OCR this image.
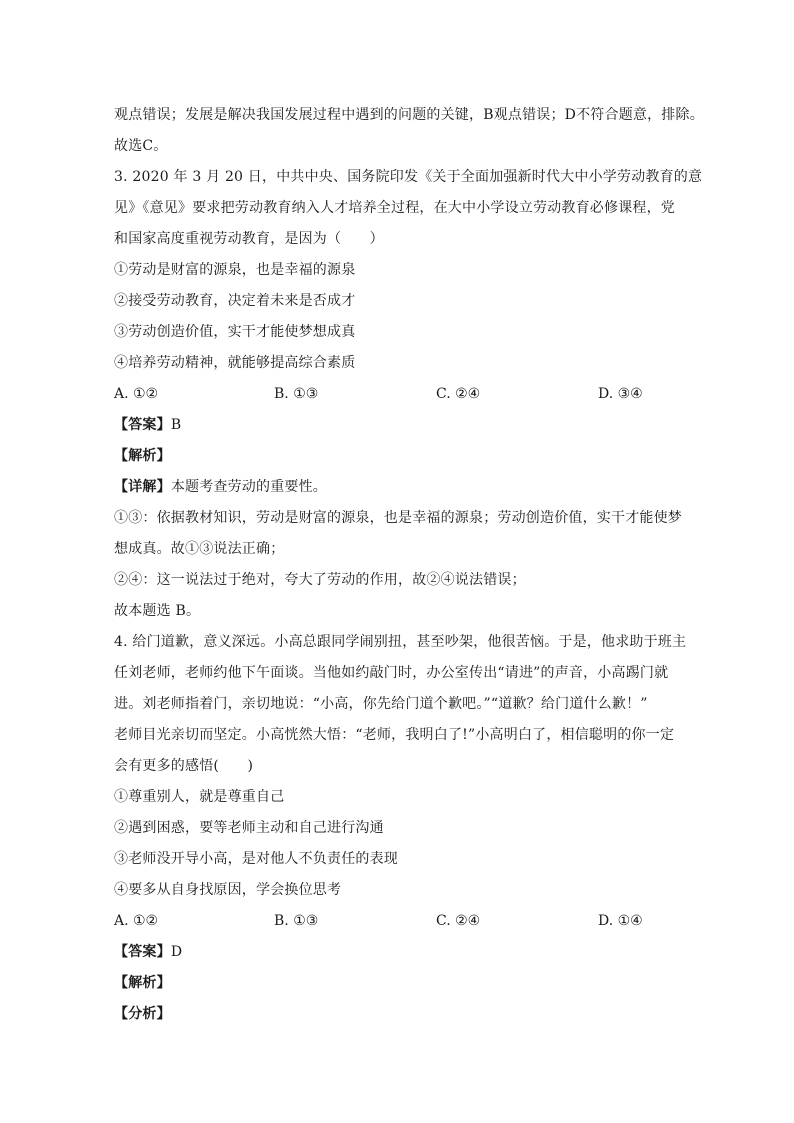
观点错误；发展是解决我国发展过程中遇到的问题的关键，B观点错误；D不符合题意，排除。
故选C。
3. 2020 年 3 月 20 日，中共中央、国务院印发《关于全面加强新时代大中小学劳动教育的意
见》《意见》要求把劳动教育纳入人才培养全过程，在大中小学设立劳动教育必修课程，党
和国家高度重视劳动教育，是因为（　　）
①劳动是财富的源泉，也是幸福的源泉
②接受劳动教育，决定着未来是否成才
③劳动创造价值，实干才能使梦想成真
④培养劳动精神，就能够提高综合素质
A. ①②	B. ①③	C. ②④	D. ③④
【答案】B
【解析】
【详解】本题考查劳动的重要性。
①③：依据教材知识，劳动是财富的源泉，也是幸福的源泉；劳动创造价值，实干才能使梦
想成真。故①③说法正确；
②④：这一说法过于绝对，夸大了劳动的作用，故②④说法错误；
故本题选 B。
4. 给门道歉，意义深远。小高总跟同学闹别扭，甚至吵架，他很苦恼。于是，他求助于班主
任刘老师，老师约他下午面谈。当他如约敲门时，办公室传出“请进”的声音，小高踢门就
进。刘老师指着门，亲切地说：“小高，你先给门道个歉吧。”“道歉？给门道什么歉！”
老师目光亲切而坚定。小高恍然大悟：“老师，我明白了!”小高明白了，相信聪明的你一定
会有更多的感悟(　　)
①尊重别人，就是尊重自己
②遇到困惑，要等老师主动和自己进行沟通
③老师没开导小高，是对他人不负责任的表现
④要多从自身找原因，学会换位思考
A. ①②	B. ①③	C. ②④	D. ①④
【答案】D
【解析】
【分析】
